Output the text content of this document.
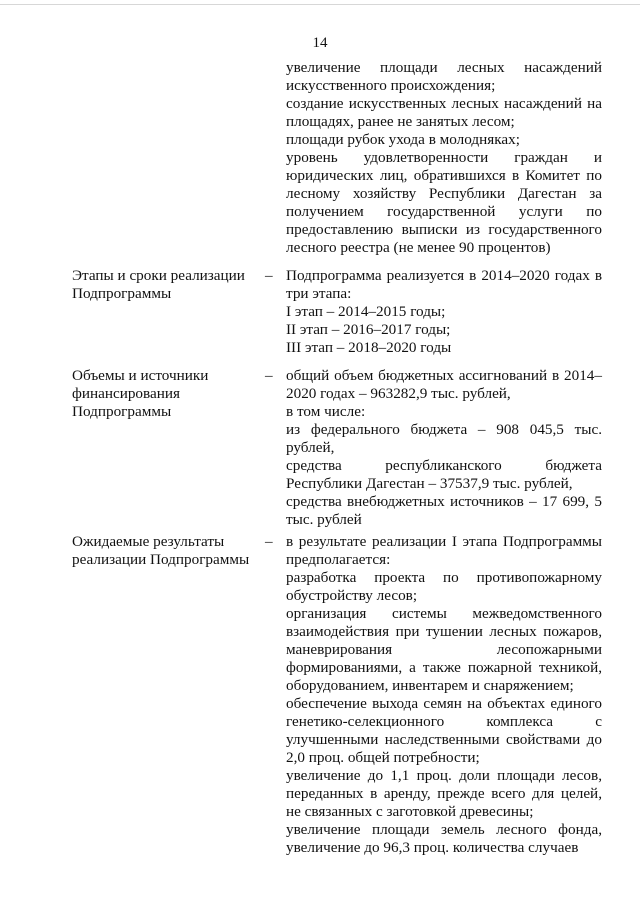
14

увеличение площади лесных насаждений искусственного происхождения;

создание искусственных лесных насаждений на площадях, ранее не занятых лесом;

площади рубок ухода в молодняках;

уровень удовлетворенности граждан и юридических лиц, обратившихся в Комитет по лесному хозяйству Республики Дагестан за получением государственной услуги по предоставлению выписки из государственного лесного реестра (не менее 90 процентов)

Этапы и сроки реализации Подпрограммы
– Подпрограмма реализуется в 2014–2020 годах в три этапа:

I этап – 2014–2015 годы;

II этап – 2016–2017 годы;

III этап – 2018–2020 годы

Объемы и источники финансирования Подпрограммы
– общий объем бюджетных ассигнований в 2014–2020 годах – 963282,9 тыс. рублей,

в том числе:

из федерального бюджета – 908 045,5 тыс. рублей,

средства республиканского бюджета Республики Дагестан – 37537,9 тыс. рублей,

средства внебюджетных источников – 17 699, 5 тыс. рублей

Ожидаемые результаты реализации Подпрограммы
– в результате реализации I этапа Подпрограммы предполагается:

разработка проекта по противопожарному обустройству лесов;

организация системы межведомственного взаимодействия при тушении лесных пожаров, маневрирования лесопожарными формированиями, а также пожарной техникой, оборудованием, инвентарем и снаряжением;

обеспечение выхода семян на объектах единого генетико-селекционного комплекса с улучшенными наследственными свойствами до 2,0 проц. общей потребности;

увеличение до 1,1 проц. доли площади лесов, переданных в аренду, прежде всего для целей, не связанных с заготовкой древесины;

увеличение площади земель лесного фонда, увеличение до 96,3 проц. количества случаев
